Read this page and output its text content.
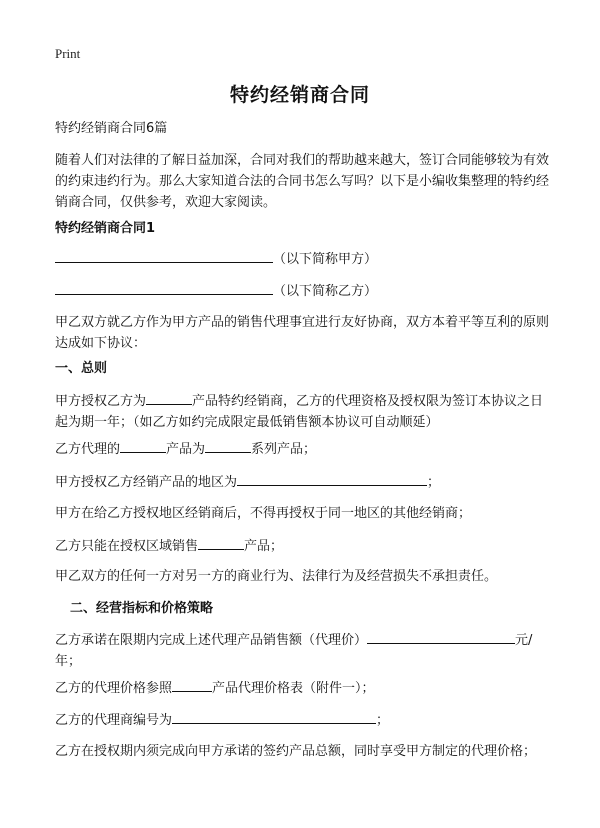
Print
特约经销商合同

特约经销商合同6篇

随着人们对法律的了解日益加深，合同对我们的帮助越来越大，签订合同能够较为有效的约束违约行为。那么大家知道合法的合同书怎么写吗？以下是小编收集整理的特约经销商合同，仅供参考，欢迎大家阅读。

特约经销商合同1

（以下简称甲方）

（以下简称乙方）

甲乙双方就乙方作为甲方产品的销售代理事宜进行友好协商，双方本着平等互利的原则达成如下协议：

一、总则

甲方授权乙方为	产品特约经销商，乙方的代理资格及授权限为签订本协议之日起为期一年；（如乙方如约完成限定最低销售额本协议可自动顺延）

乙方代理的	产品为	系列产品；

甲方授权乙方经销产品的地区为	；

甲方在给乙方授权地区经销商后，不得再授权于同一地区的其他经销商；

乙方只能在授权区域销售	产品；

甲乙双方的任何一方对另一方的商业行为、法律行为及经营损失不承担责任。

二、经营指标和价格策略

乙方承诺在限期内完成上述代理产品销售额（代理价）	元/年；

乙方的代理价格参照	产品代理价格表（附件一）；

乙方的代理商编号为	；

乙方在授权期内须完成向甲方承诺的签约产品总额，同时享受甲方制定的代理价格；
